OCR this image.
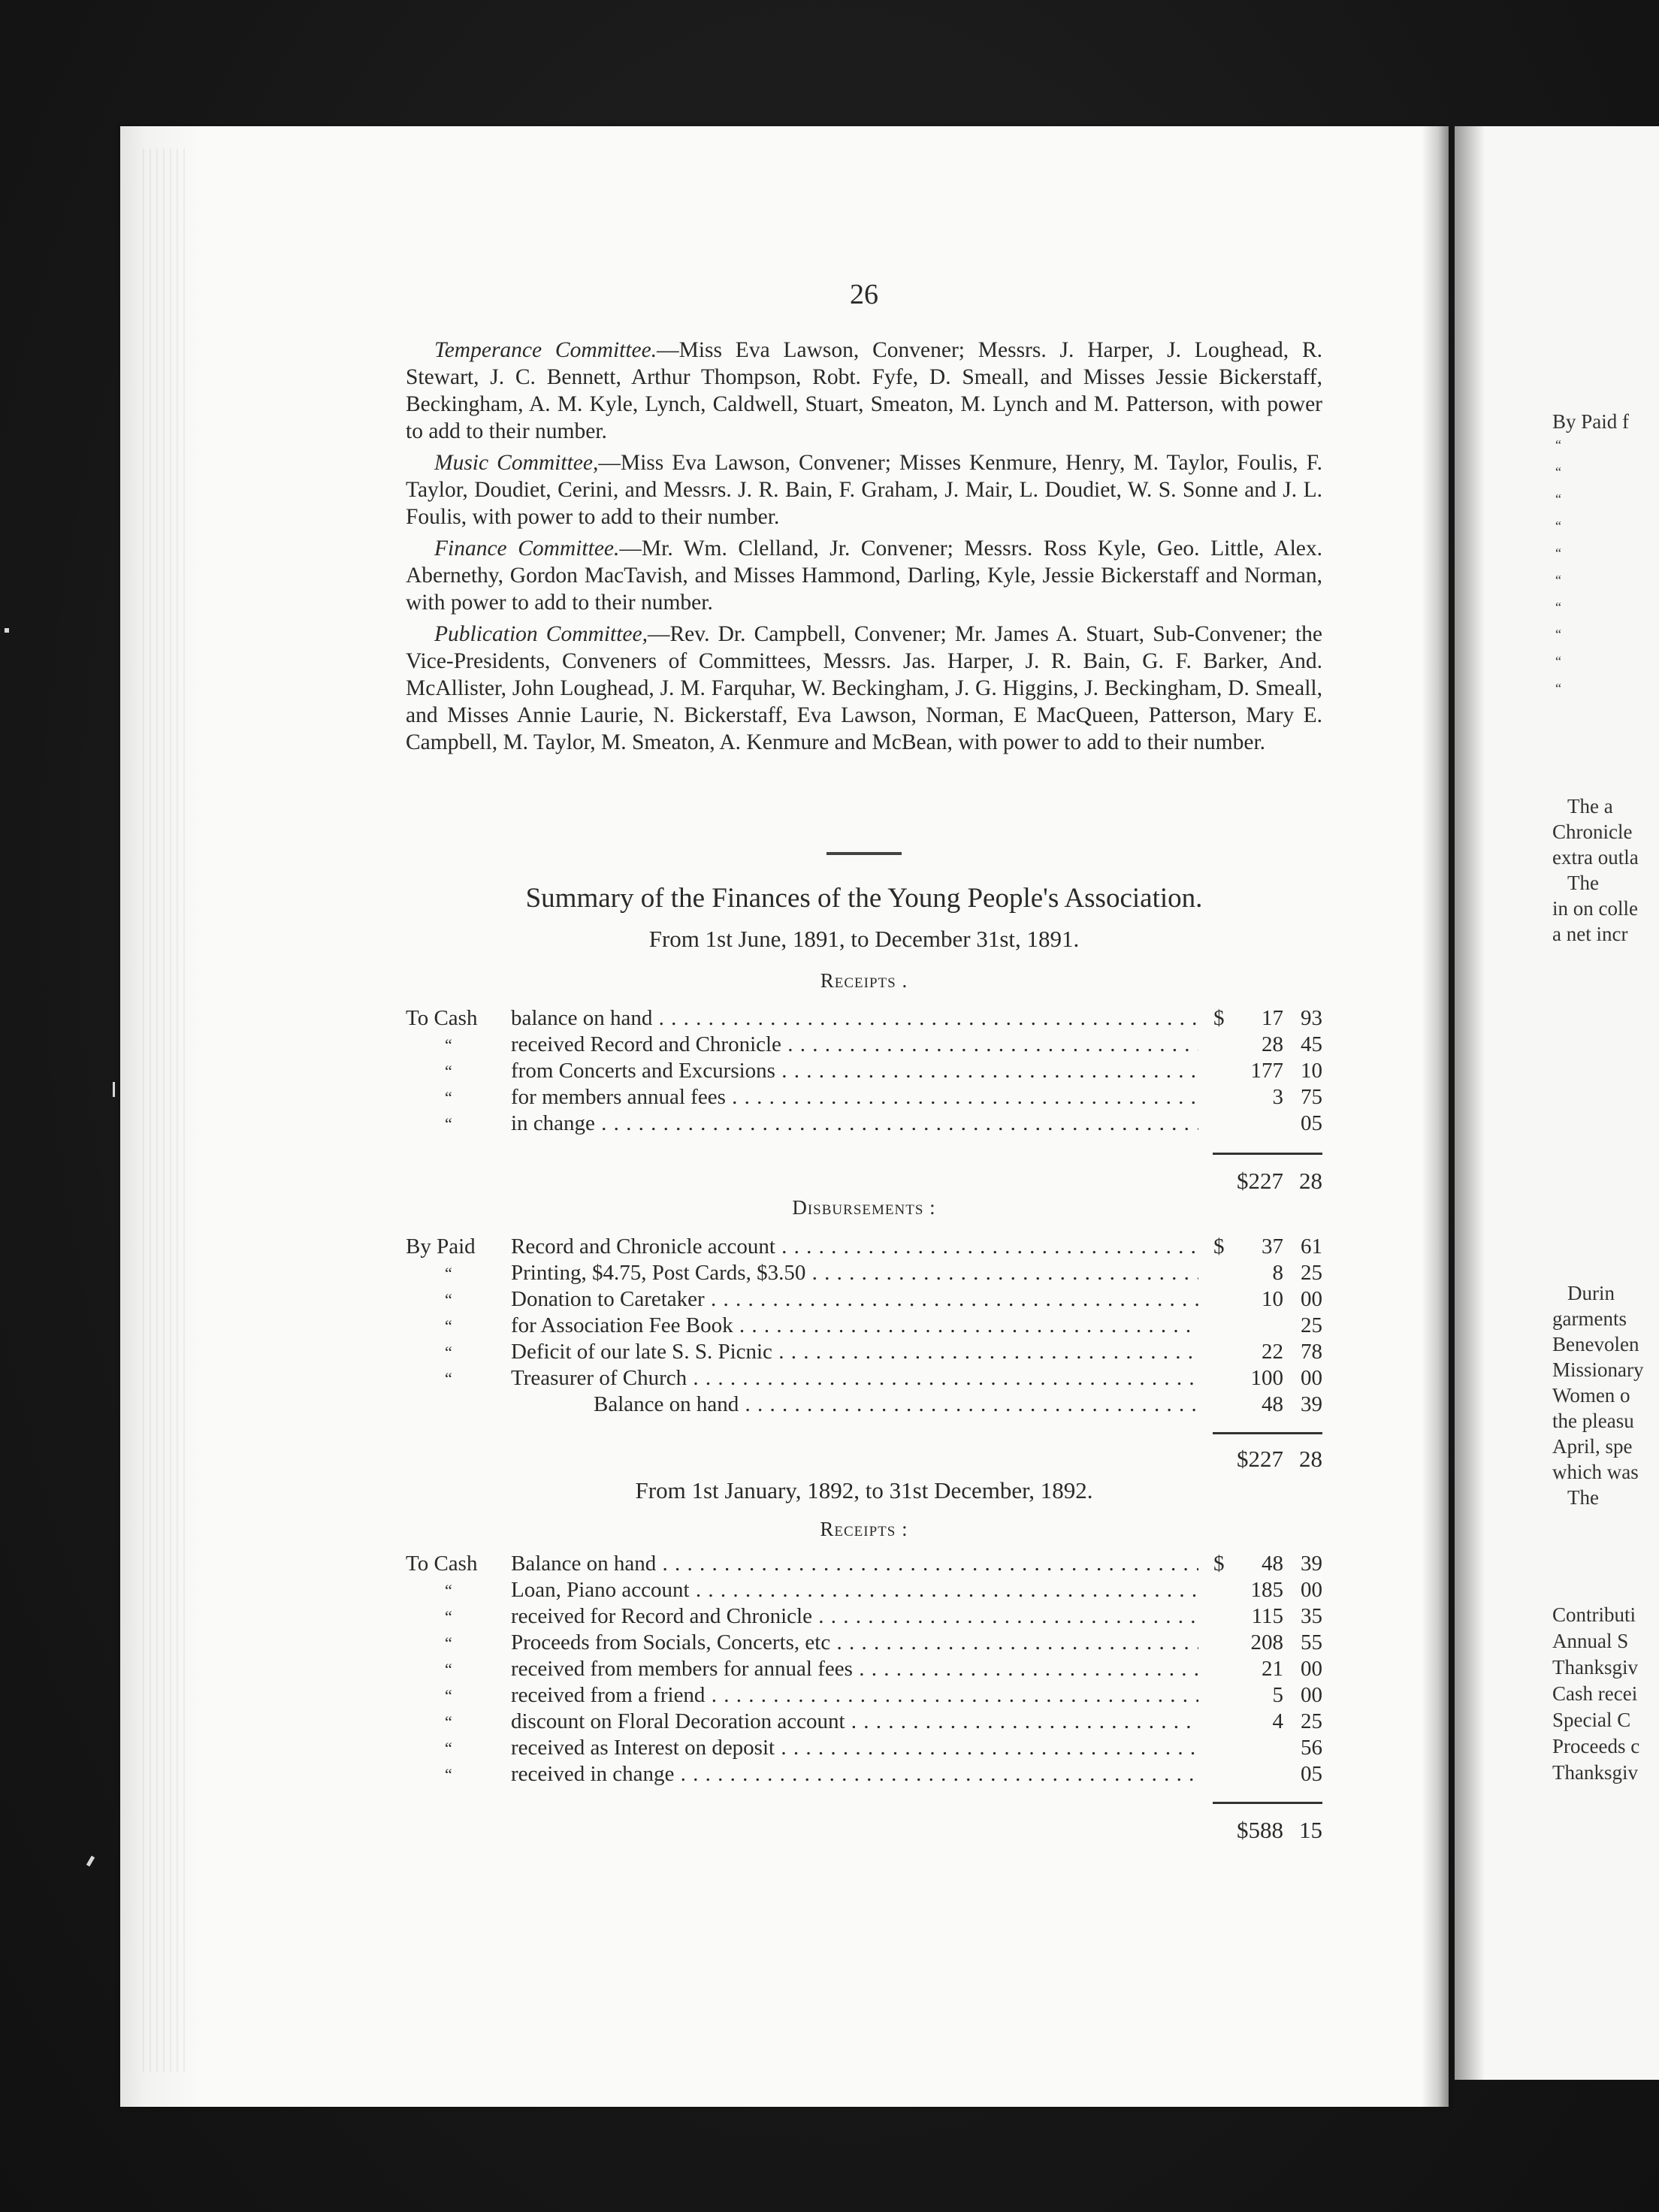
By Paid f
“
“
“
“
“
“
“
“
“
“
The a
Chronicle
extra outla
The
in on colle
a net incr
Durin
garments
Benevolen
Missionary
Women o
the pleasu
April, spe
which was
The
Contributi
Annual S
Thanksgiv
Cash recei
Special C
Proceeds c
Thanksgiv
26

Temperance Committee.—Miss Eva Lawson, Convener; Messrs. J. Harper, J. Loughead, R. Stewart, J. C. Bennett, Arthur Thompson, Robt. Fyfe, D. Smeall, and Misses Jessie Bickerstaff, Beckingham, A. M. Kyle, Lynch, Caldwell, Stuart, Smeaton, M. Lynch and M. Patterson, with power to add to their number.

Music Committee,—Miss Eva Lawson, Convener; Misses Kenmure, Henry, M. Taylor, Foulis, F. Taylor, Doudiet, Cerini, and Messrs. J. R. Bain, F. Graham, J. Mair, L. Doudiet, W. S. Sonne and J. L. Foulis, with power to add to their number.

Finance Committee.—Mr. Wm. Clelland, Jr. Convener; Messrs. Ross Kyle, Geo. Little, Alex. Abernethy, Gordon MacTavish, and Misses Hammond, Darling, Kyle, Jessie Bickerstaff and Norman, with power to add to their number.

Publication Committee,—Rev. Dr. Campbell, Convener; Mr. James A. Stuart, Sub-Convener; the Vice-Presidents, Conveners of Committees, Messrs. Jas. Harper, J. R. Bain, G. F. Barker, And. McAllister, John Loughead, J. M. Farquhar, W. Beckingham, J. G. Higgins, J. Beckingham, D. Smeall, and Misses Annie Laurie, N. Bickerstaff, Eva Lawson, Norman, E MacQueen, Patterson, Mary E. Campbell, M. Taylor, M. Smeaton, A. Kenmure and McBean, with power to add to their number.

Summary of the Finances of the Young People's Association.
From 1st June, 1891, to December 31st, 1891.
Receipts .
To Cash	balance on hand . . .	$	17 93
“	received Record and Chronicle . . .	28 45
“	from Concerts and Excursions . . .	177 10
“	for members annual fees . . .	3 75
“	in change . . .	05
$227 28
Disbursements :
By Paid	Record and Chronicle account . . .	$	37 61
“	Printing, $4.75, Post Cards, $3.50 . . .	8 25
“	Donation to Caretaker . . .	10 00
“	for Association Fee Book . . .	25
“	Deficit of our late S. S. Picnic . . .	22 78
“	Treasurer of Church . . .	100 00
Balance on hand . . .	48 39
$227 28
From 1st January, 1892, to 31st December, 1892.
Receipts :
To Cash	Balance on hand . . .	$	48 39
“	Loan, Piano account . . .	185 00
“	received for Record and Chronicle . . .	115 35
“	Proceeds from Socials, Concerts, etc . . .	208 55
“	received from members for annual fees . . .	21 00
“	received from a friend . . .	5 00
“	discount on Floral Decoration account . . .	4 25
“	received as Interest on deposit . . .	56
“	received in change . . .	05
$588 15
